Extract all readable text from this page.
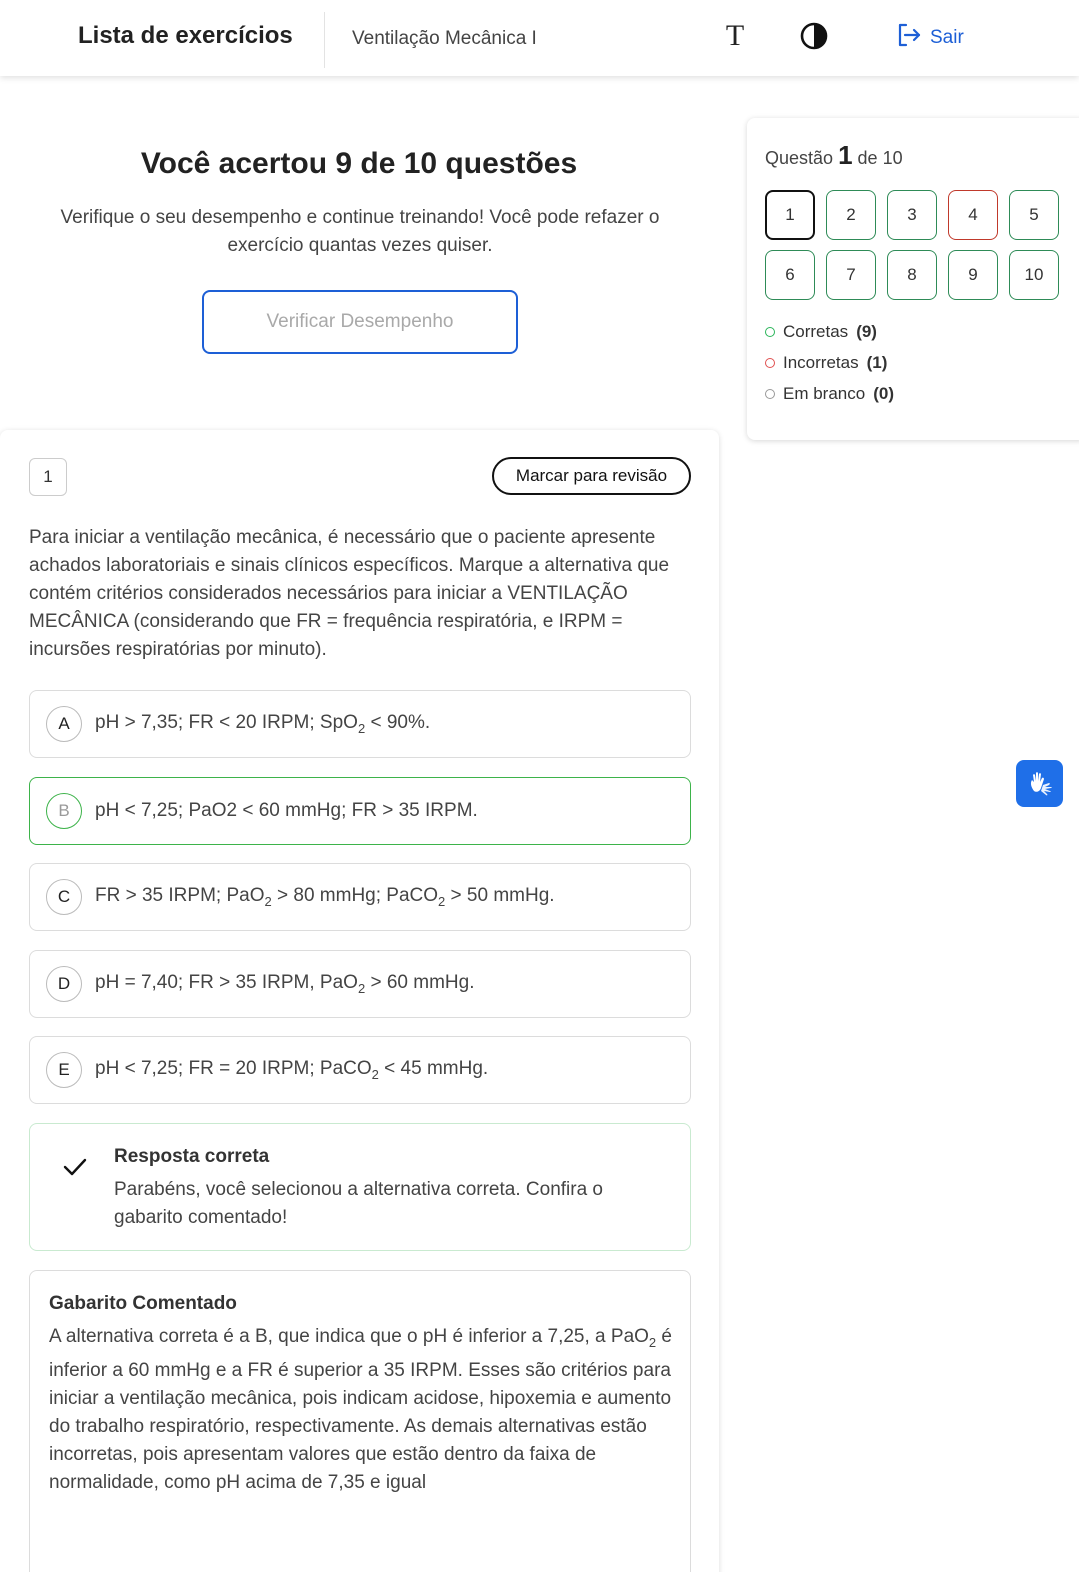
Lista de exercícios	Ventilação Mecânica I	T	Sair
Você acertou 9 de 10 questões
Verifique o seu desempenho e continue treinando! Você pode refazer o exercício quantas vezes quiser.
Verificar Desempenho
Questão 1 de 10
1	2	3	4	5
6	7	8	9	10
Corretas (9)
Incorretas (1)
Em branco (0)
1	Marcar para revisão
Para iniciar a ventilação mecânica, é necessário que o paciente apresente achados laboratoriais e sinais clínicos específicos. Marque a alternativa que contém critérios considerados necessários para iniciar a VENTILAÇÃO MECÂNICA (considerando que FR = frequência respiratória, e IRPM = incursões respiratórias por minuto).
A	pH > 7,35; FR < 20 IRPM; SpO$_2$ < 90%.
B	pH < 7,25; PaO2 < 60 mmHg; FR > 35 IRPM.
C	FR > 35 IRPM; PaO$_2$ > 80 mmHg; PaCO$_2$ > 50 mmHg.
D	pH = 7,40; FR > 35 IRPM, PaO$_2$ > 60 mmHg.
E	pH < 7,25; FR = 20 IRPM; PaCO$_2$ < 45 mmHg.
Resposta correta
Parabéns, você selecionou a alternativa correta. Confira o gabarito comentado!
Gabarito Comentado
A alternativa correta é a B, que indica que o pH é inferior a 7,25, a PaO$_2$ é inferior a 60 mmHg e a FR é superior a 35 IRPM. Esses são critérios para iniciar a ventilação mecânica, pois indicam acidose, hipoxemia e aumento do trabalho respiratório, respectivamente. As demais alternativas estão incorretas, pois apresentam valores que estão dentro da faixa de normalidade, como pH acima de 7,35 e igual
